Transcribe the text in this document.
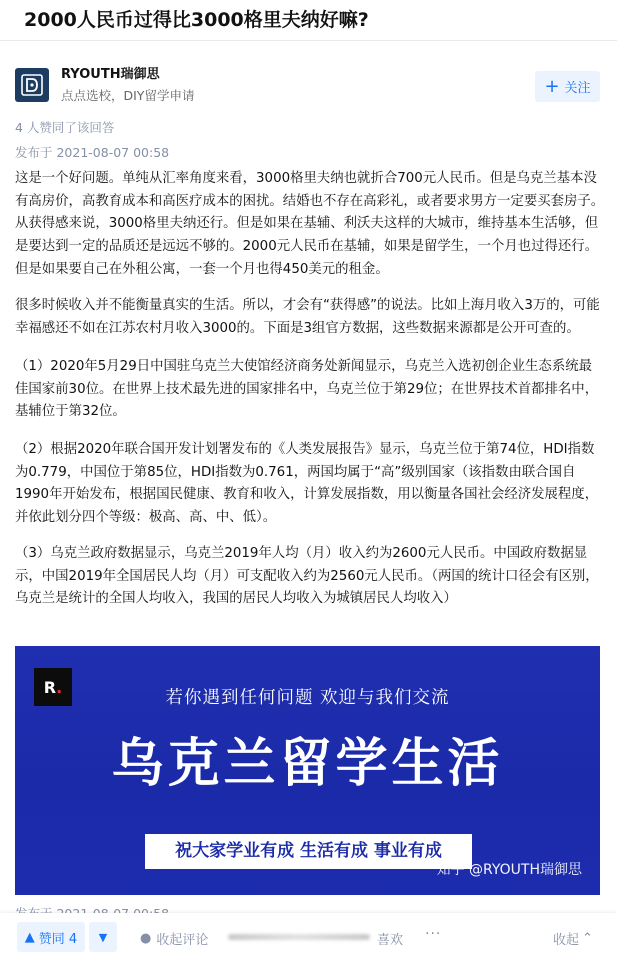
2000人民币过得比3000格里夫纳好嘛?
RYOUTH瑞御思
点点选校，DIY留学申请	+ 关注
4 人赞同了该回答
发布于 2021-08-07 00:58

这是一个好问题。单纯从汇率角度来看，3000格里夫纳也就折合700元人民币。但是乌克兰基本没有高房价，高教育成本和高医疗成本的困扰。结婚也不存在高彩礼，或者要求男方一定要买套房子。从获得感来说，3000格里夫纳还行。但是如果在基辅、利沃夫这样的大城市，维持基本生活够，但是要达到一定的品质还是远远不够的。2000元人民币在基辅，如果是留学生，一个月也过得还行。但是如果要自己在外租公寓，一套一个月也得450美元的租金。

很多时候收入并不能衡量真实的生活。所以，才会有“获得感”的说法。比如上海月收入3万的，可能幸福感还不如在江苏农村月收入3000的。下面是3组官方数据，这些数据来源都是公开可查的。

（1）2020年5月29日中国驻乌克兰大使馆经济商务处新闻显示，乌克兰入选初创企业生态系统最佳国家前30位。在世界上技术最先进的国家排名中，乌克兰位于第29位；在世界技术首都排名中，基辅位于第32位。

（2）根据2020年联合国开发计划署发布的《人类发展报告》显示，乌克兰位于第74位，HDI指数为0.779，中国位于第85位，HDI指数为0.761，两国均属于“高”级别国家（该指数由联合国自1990年开始发布，根据国民健康、教育和收入，计算发展指数，用以衡量各国社会经济发展程度，并依此划分四个等级：极高、高、中、低）。

（3）乌克兰政府数据显示，乌克兰2019年人均（月）收入约为2600元人民币。中国政府数据显示，中国2019年全国居民人均（月）可支配收入约为2560元人民币。（两国的统计口径会有区别，乌克兰是统计的全国人均收入，我国的居民人均收入为城镇居民人均收入）

R .
若你遇到任何问题 欢迎与我们交流
乌克兰留学生活
祝大家学业有成 生活有成 事业有成
知乎 @RYOUTH瑞御思
▲ 赞同 4 ▼	● 收起评论	喜欢 ···	收起 ⌃
